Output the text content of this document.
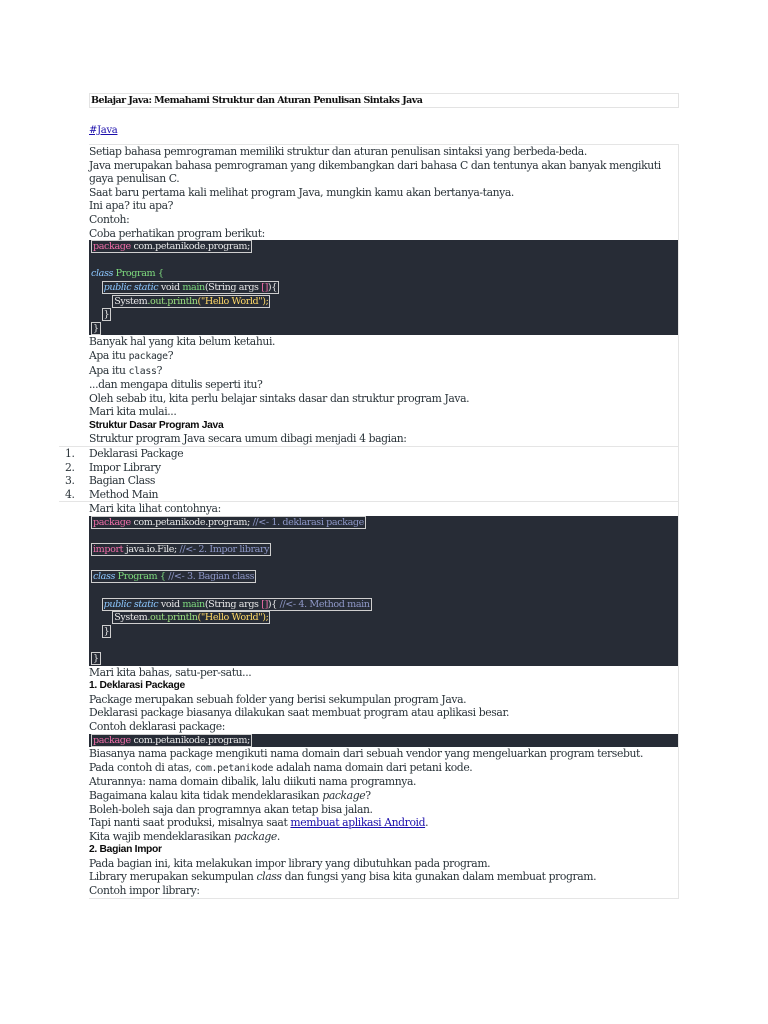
Belajar Java: Memahami Struktur dan Aturan Penulisan Sintaks Java
#Java
Setiap bahasa pemrograman memiliki struktur dan aturan penulisan sintaksi yang berbeda-beda.
Java merupakan bahasa pemrograman yang dikembangkan dari bahasa C dan tentunya akan banyak mengikuti gaya penulisan C.
Saat baru pertama kali melihat program Java, mungkin kamu akan bertanya-tanya.
Ini apa? itu apa?
Contoh:
Coba perhatikan program berikut:
package com.petanikode.program;

class Program {
public static void main(String args []){
System.out.println("Hello World");
}
}
Banyak hal yang kita belum ketahui.
Apa itu package?
Apa itu class?
...dan mengapa ditulis seperti itu?
Oleh sebab itu, kita perlu belajar sintaks dasar dan struktur program Java.
Mari kita mulai...
Struktur Dasar Program Java
Struktur program Java secara umum dibagi menjadi 4 bagian:
1.	Deklarasi Package
2.	Impor Library
3.	Bagian Class
4.	Method Main
Mari kita lihat contohnya:
package com.petanikode.program; //<- 1. deklarasi package

import java.io.File; //<- 2. Impor library

class Program { //<- 3. Bagian class

public static void main(String args []){ //<- 4. Method main
System.out.println("Hello World");
}

}
Mari kita bahas, satu-per-satu...
1. Deklarasi Package
Package merupakan sebuah folder yang berisi sekumpulan program Java.
Deklarasi package biasanya dilakukan saat membuat program atau aplikasi besar.
Contoh deklarasi package:
package com.petanikode.program;
Biasanya nama package mengikuti nama domain dari sebuah vendor yang mengeluarkan program tersebut.
Pada contoh di atas, com.petanikode adalah nama domain dari petani kode.
Aturannya: nama domain dibalik, lalu diikuti nama programnya.
Bagaimana kalau kita tidak mendeklarasikan package?
Boleh-boleh saja dan programnya akan tetap bisa jalan.
Tapi nanti saat produksi, misalnya saat membuat aplikasi Android.
Kita wajib mendeklarasikan package.
2. Bagian Impor
Pada bagian ini, kita melakukan impor library yang dibutuhkan pada program.
Library merupakan sekumpulan class dan fungsi yang bisa kita gunakan dalam membuat program.
Contoh impor library:
